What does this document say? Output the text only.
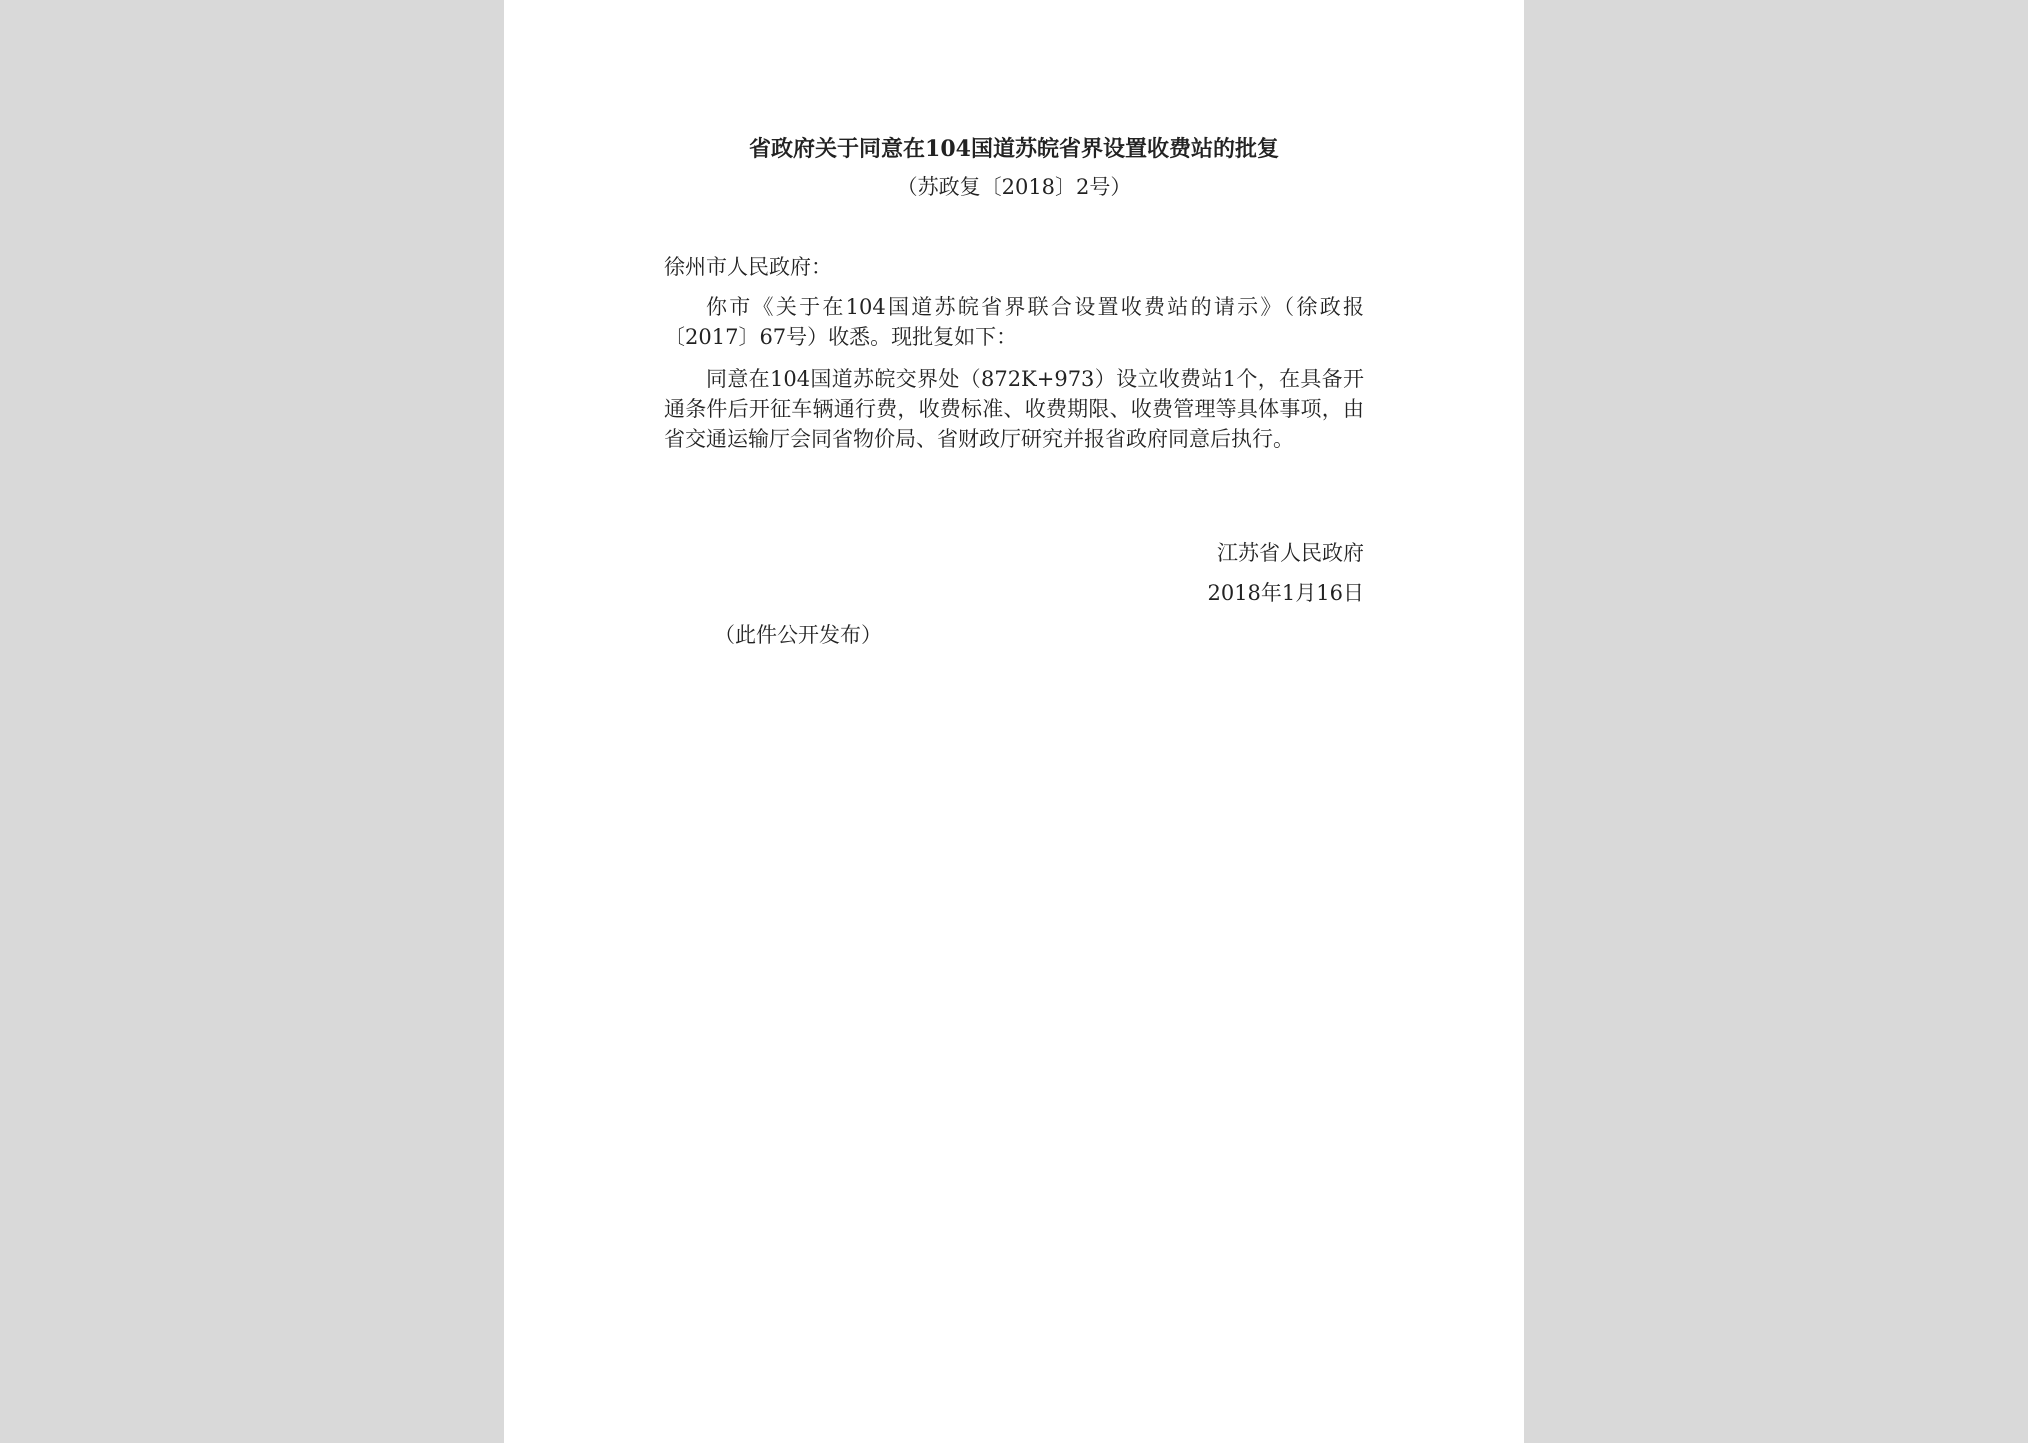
省政府关于同意在104国道苏皖省界设置收费站的批复
（苏政复〔2018〕2号）
徐州市人民政府：
你市《关于在104国道苏皖省界联合设置收费站的请示》（徐政报〔2017〕67号）收悉。现批复如下：
同意在104国道苏皖交界处（872K+973）设立收费站1个，在具备开通条件后开征车辆通行费，收费标准、收费期限、收费管理等具体事项，由省交通运输厅会同省物价局、省财政厅研究并报省政府同意后执行。
江苏省人民政府
2018年1月16日
（此件公开发布）
